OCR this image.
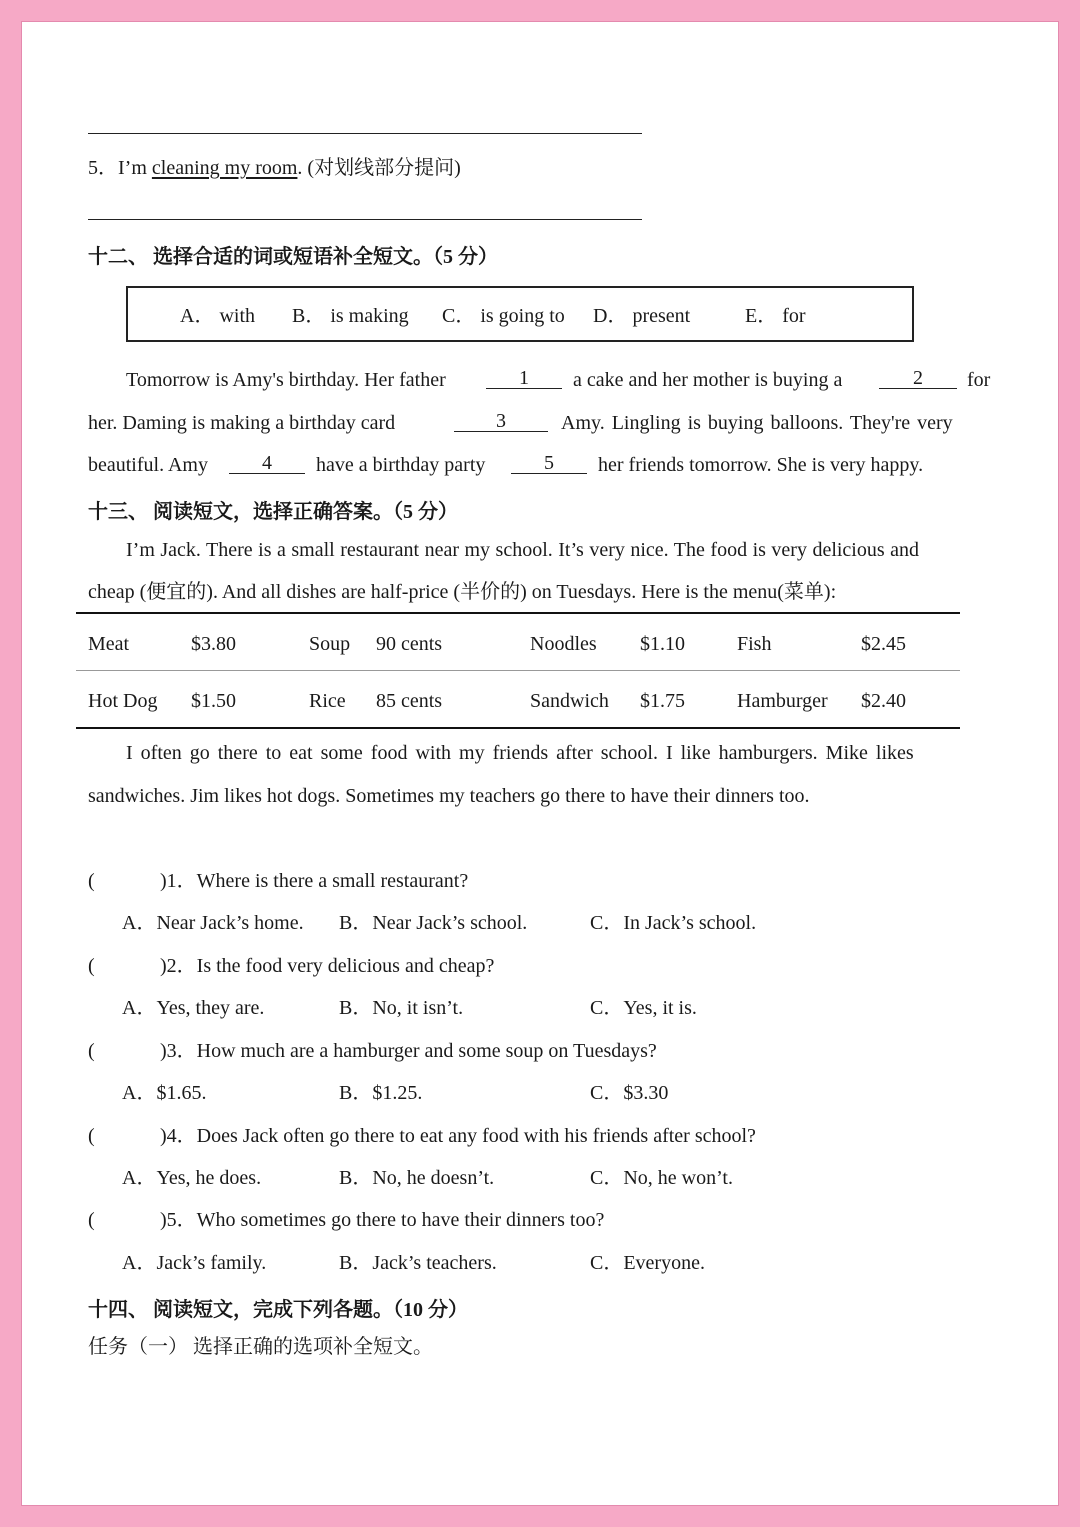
5．I’m cleaning my room. (对划线部分提问)
十二、 选择合适的词或短语补全短文。（5 分）
A． with B． is making C． is going to D． present	E． for
Tomorrow is Amy's birthday. Her father	1	a cake and her mother is buying a	2	for
her. Daming is making a birthday card	3	Amy. Lingling is buying balloons. They're very
beautiful. Amy	4	have a birthday party	5	her friends tomorrow. She is very happy.
十三、 阅读短文，选择正确答案。（5 分）
I’m Jack. There is a small restaurant near my school. It’s very nice. The food is very delicious and
cheap (便宜的). And all dishes are half-price (半价的) on Tuesdays. Here is the menu(菜单):
Meat	$3.80	Soup 90 cents	Noodles $1.10	Fish	$2.45
Hot Dog $1.50	Rice 85 cents	Sandwich $1.75	Hamburger $2.40
I often go there to eat some food with my friends after school. I like hamburgers. Mike likes
sandwiches. Jim likes hot dogs. Sometimes my teachers go there to have their dinners too.
(	)1．Where is there a small restaurant?
A．Near Jack’s home. B．Near Jack’s school.	C．In Jack’s school.
(	)2．Is the food very delicious and cheap?
A．Yes, they are.	B．No, it isn’t.	C．Yes, it is.
(	)3．How much are a hamburger and some soup on Tuesdays?
A．$1.65.	B．$1.25.	C．$3.30
(	)4．Does Jack often go there to eat any food with his friends after school?
A．Yes, he does.	B．No, he doesn’t.	C．No, he won’t.
(	)5．Who sometimes go there to have their dinners too?
A．Jack’s family.	B．Jack’s teachers.	C．Everyone.
十四、 阅读短文，完成下列各题。（10 分）
任务（一） 选择正确的选项补全短文。
